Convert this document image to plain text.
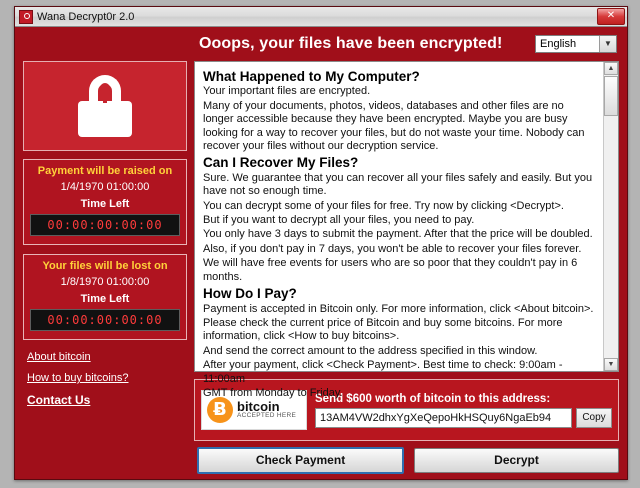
Wana Decrypt0r 2.0	✕
Ooops, your files have been encrypted!	English	▼
Payment will be raised on
1/4/1970 01:00:00
Time Left
00:00:00:00:00
Your files will be lost on
1/8/1970 01:00:00
Time Left
00:00:00:00:00
About bitcoin
How to buy bitcoins?
Contact Us
What Happened to My Computer?

Your important files are encrypted.

Many of your documents, photos, videos, databases and other files are no longer accessible because they have been encrypted. Maybe you are busy looking for a way to recover your files, but do not waste your time. Nobody can recover your files without our decryption service.

Can I Recover My Files?

Sure. We guarantee that you can recover all your files safely and easily. But you have not so enough time.

You can decrypt some of your files for free. Try now by clicking <Decrypt>.

But if you want to decrypt all your files, you need to pay.

You only have 3 days to submit the payment. After that the price will be doubled.

Also, if you don't pay in 7 days, you won't be able to recover your files forever.

We will have free events for users who are so poor that they couldn't pay in 6 months.

How Do I Pay?

Payment is accepted in Bitcoin only. For more information, click <About bitcoin>.

Please check the current price of Bitcoin and buy some bitcoins. For more information, click <How to buy bitcoins>.

And send the correct amount to the address specified in this window.

After your payment, click <Check Payment>. Best time to check: 9:00am - 11:00am

GMT from Monday to Friday.

▲
▼
Ƀ bitcoin
ACCEPTED HERE
Send $600 worth of bitcoin to this address:
13AM4VW2dhxYgXeQepoHkHSQuy6NgaEb94	Copy
Check Payment	Decrypt
